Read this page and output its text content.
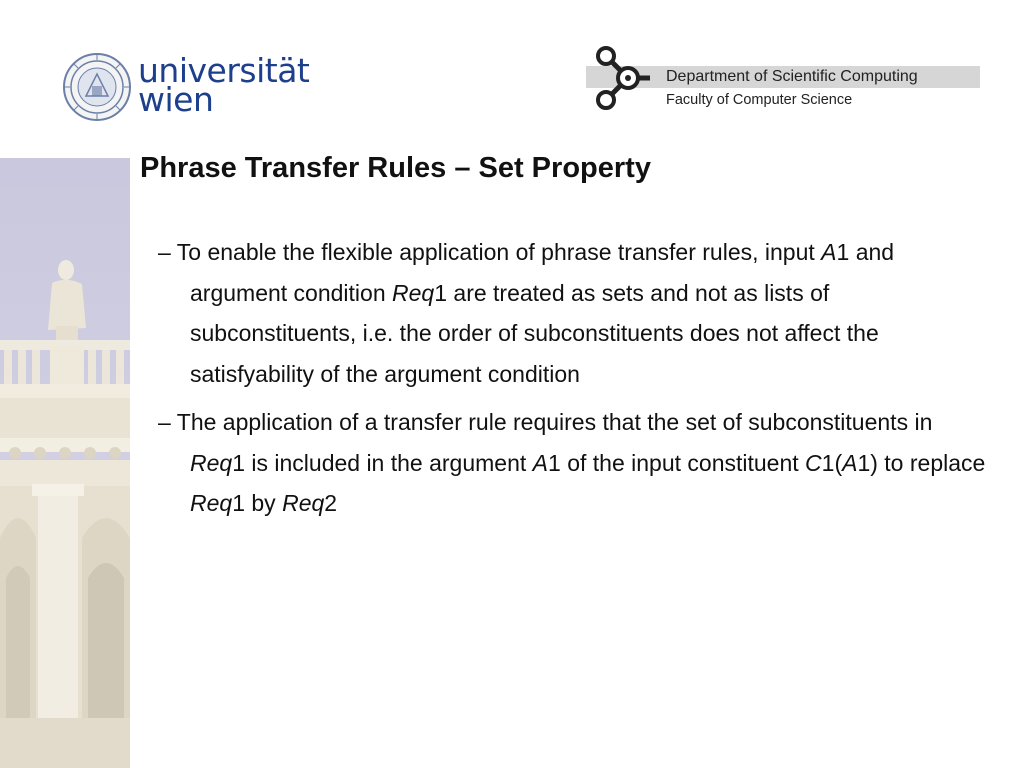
universität
wien
Department of Scientific Computing
Faculty of Computer Science
Phrase Transfer Rules – Set Property

– To enable the flexible application of phrase transfer rules, input A1 and argument condition Req1 are treated as sets and not as lists of subconstituents, i.e. the order of subconstituents does not affect the satisfyability of the argument condition

– The application of a transfer rule requires that the set of subconstituents in Req1 is included in the argument A1 of the input constituent C1(A1) to replace Req1 by Req2
